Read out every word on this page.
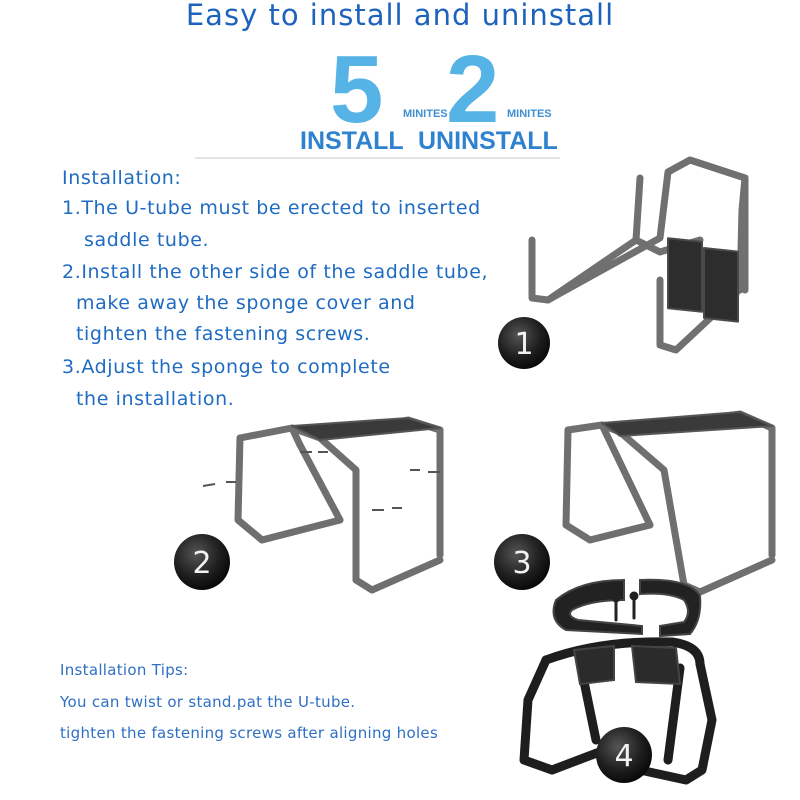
Easy to install and uninstall
5 MINITES
2 MINITES
INSTALL UNINSTALL
Installation:
1.The U-tube must be erected to inserted
saddle tube.
2.Install the other side of the saddle tube,
make away the sponge cover and
tighten the fastening screws.
3.Adjust the sponge to complete
the installation.
Installation Tips:
You can twist or stand.pat the U-tube.
tighten the fastening screws after aligning holes
1
2	3
4
